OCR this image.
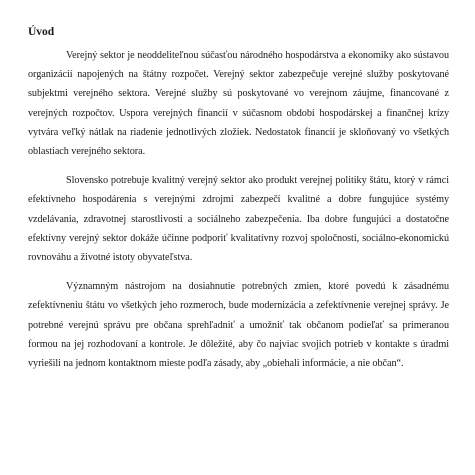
Úvod

Verejný sektor je neoddeliteľnou súčasťou národného hospodárstva a ekonomiky ako sústavou organizácií napojených na štátny rozpočet. Verejný sektor zabezpečuje verejné služby poskytované subjektmi verejného sektora. Verejné služby sú poskytované vo verejnom záujme, financované z verejných rozpočtov. Uspora verejných financií v súčasnom období hospodárskej a finančnej krízy vytvára veľký nátlak na riadenie jednotlivých zložiek. Nedostatok financií je skloňovaný vo všetkých oblastiach verejného sektora.

Slovensko potrebuje kvalitný verejný sektor ako produkt verejnej politiky štátu, ktorý v rámci efektívneho hospodárenia s verejnými zdrojmi zabezpečí kvalitné a dobre fungujúce systémy vzdelávania, zdravotnej starostlivosti a sociálneho zabezpečenia. Iba dobre fungujúci a dostatočne efektívny verejný sektor dokáže účinne podporiť kvalitatívny rozvoj spoločnosti, sociálno-ekonomickú rovnováhu a životné istoty obyvateľstva.

Významným nástrojom na dosiahnutie potrebných zmien, ktoré povedú k zásadnému zefektívneniu štátu vo všetkých jeho rozmeroch, bude modernizácia a zefektívnenie verejnej správy. Je potrebné verejnú správu pre občana sprehľadniť a umožniť tak občanom podieľať sa primeranou formou na jej rozhodovaní a kontrole. Je dôležité, aby čo najviac svojich potrieb v kontakte s úradmi vyriešili na jednom kontaktnom mieste podľa zásady, aby „obiehali informácie, a nie občan“.
